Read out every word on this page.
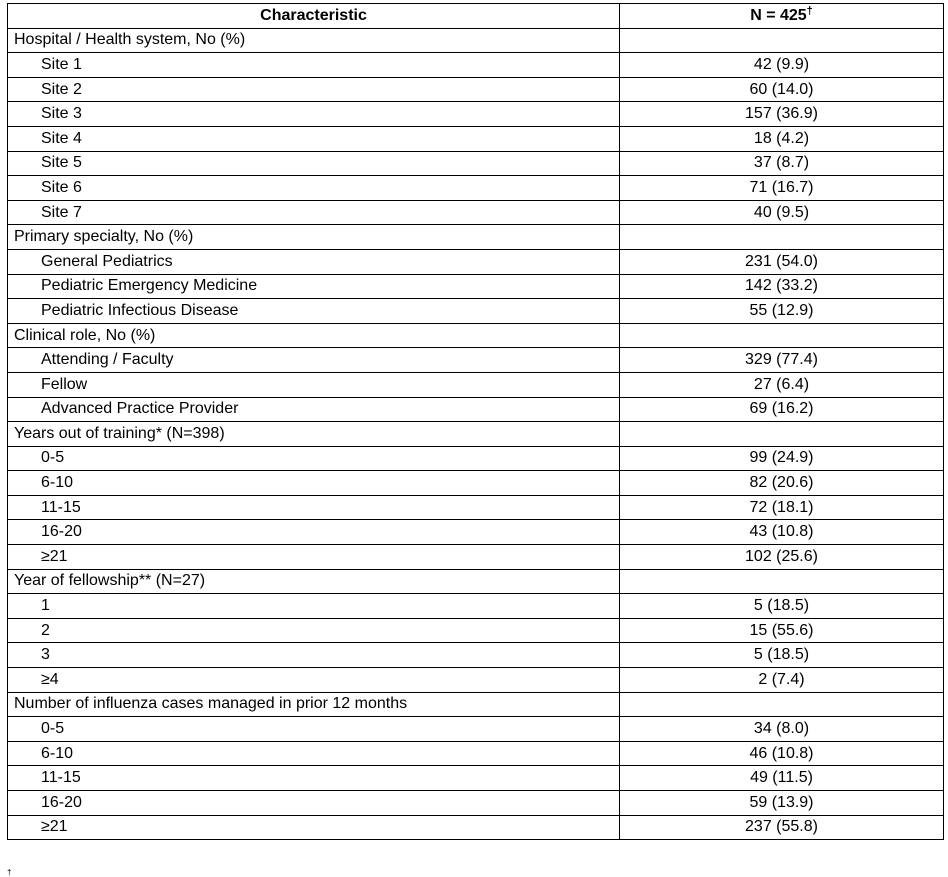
Characteristic	N = 425†
Hospital / Health system, No (%)	
Site 1	42 (9.9)
Site 2	60 (14.0)
Site 3	157 (36.9)
Site 4	18 (4.2)
Site 5	37 (8.7)
Site 6	71 (16.7)
Site 7	40 (9.5)
Primary specialty, No (%)	
General Pediatrics	231 (54.0)
Pediatric Emergency Medicine	142 (33.2)
Pediatric Infectious Disease	55 (12.9)
Clinical role, No (%)	
Attending / Faculty	329 (77.4)
Fellow	27 (6.4)
Advanced Practice Provider	69 (16.2)
Years out of training* (N=398)	
0-5	99 (24.9)
6-10	82 (20.6)
11-15	72 (18.1)
16-20	43 (10.8)
≥21	102 (25.6)
Year of fellowship** (N=27)	
1	5 (18.5)
2	15 (55.6)
3	5 (18.5)
≥4	2 (7.4)
Number of influenza cases managed in prior 12 months	
0-5	34 (8.0)
6-10	46 (10.8)
11-15	49 (11.5)
16-20	59 (13.9)
≥21	237 (55.8)
†
